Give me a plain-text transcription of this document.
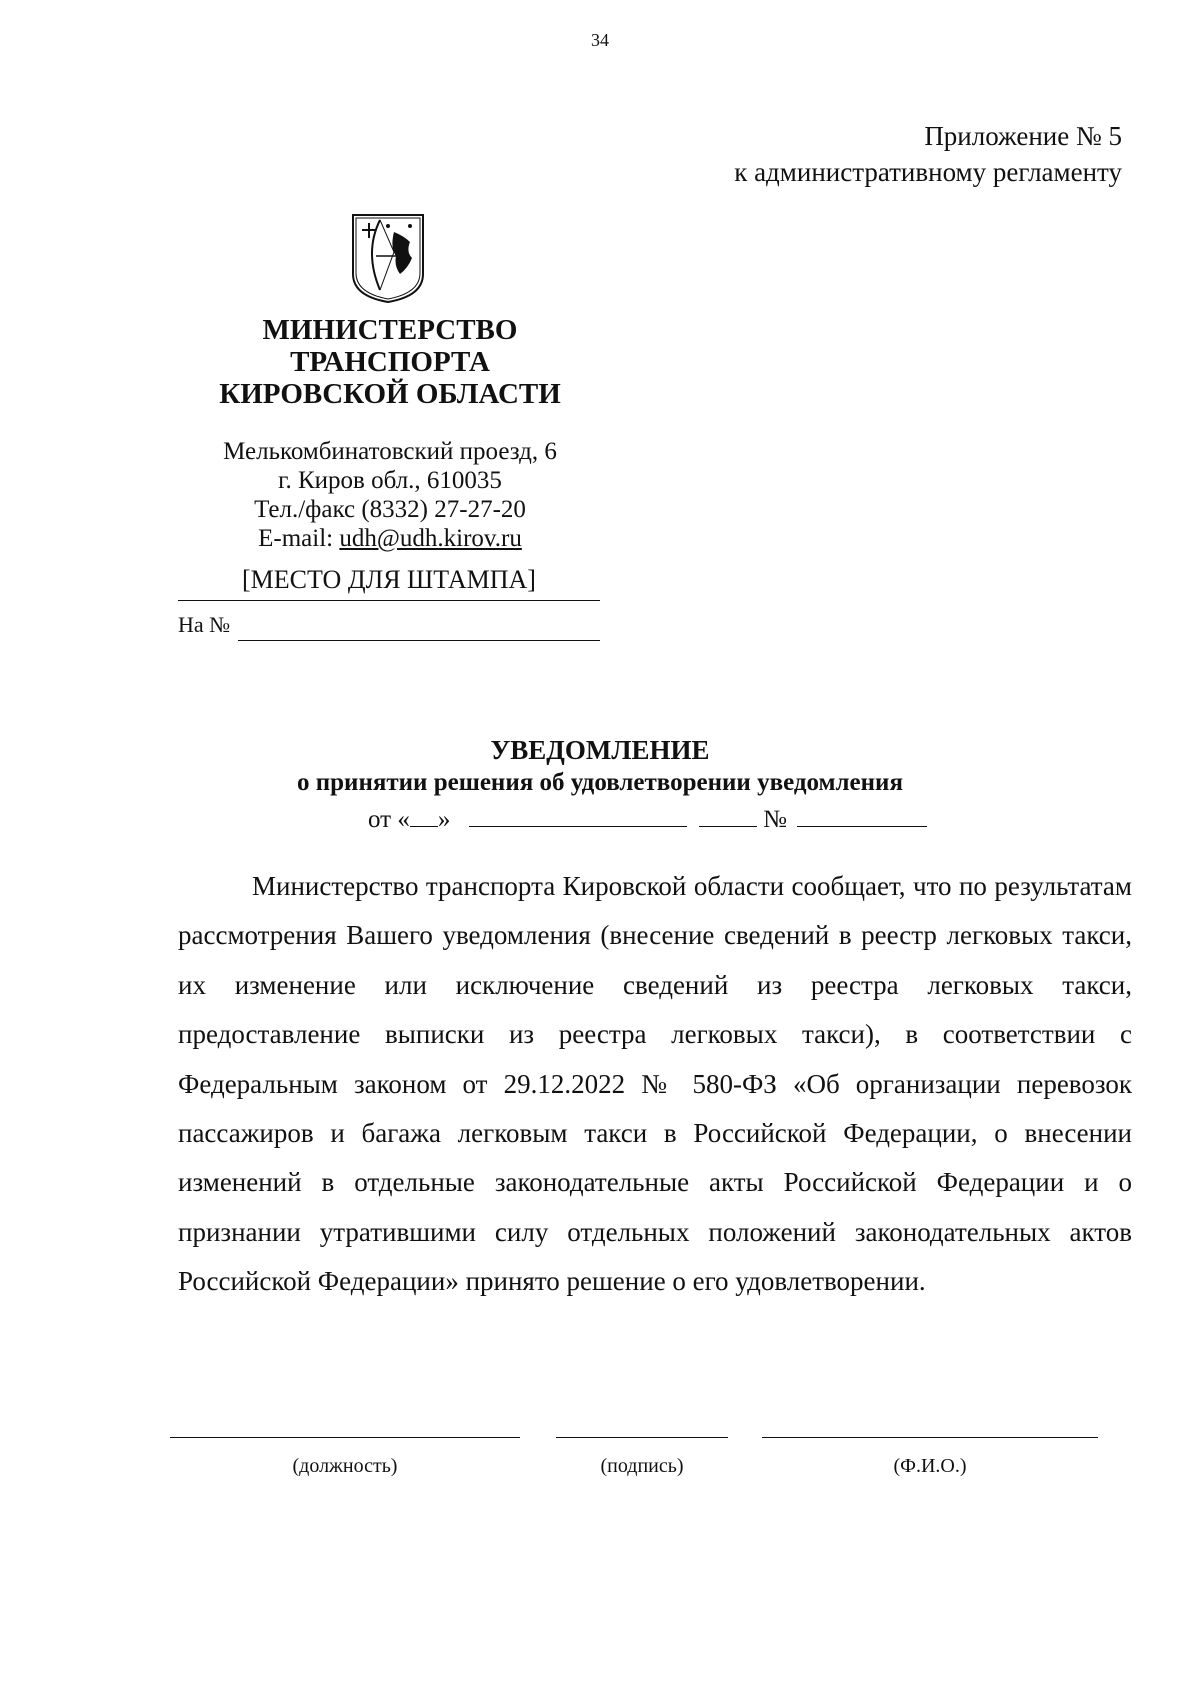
34
Приложение № 5
к административному регламенту
МИНИСТЕРСТВО
ТРАНСПОРТА
КИРОВСКОЙ ОБЛАСТИ
Мелькомбинатовский проезд, 6
г. Киров обл., 610035
Тел./факс (8332) 27-27-20
E-mail: udh@udh.kirov.ru
[МЕСТО ДЛЯ ШТАМПА]
На №
УВЕДОМЛЕНИЕ
о принятии решения об удовлетворении уведомления
от « »	№

Министерство транспорта Кировской области сообщает, что по результатам рассмотрения Вашего уведомления (внесение сведений в реестр легковых такси, их изменение или исключение сведений из реестра легковых такси, предоставление выписки из реестра легковых такси), в соответствии с Федеральным законом от 29.12.2022 № 580-ФЗ «Об организации перевозок пассажиров и багажа легковым такси в Российской Федерации, о внесении изменений в отдельные законодательные акты Российской Федерации и о признании утратившими силу отдельных положений законодательных актов Российской Федерации» принято решение о его удовлетворении.

(должность)	(подпись)	(Ф.И.О.)
